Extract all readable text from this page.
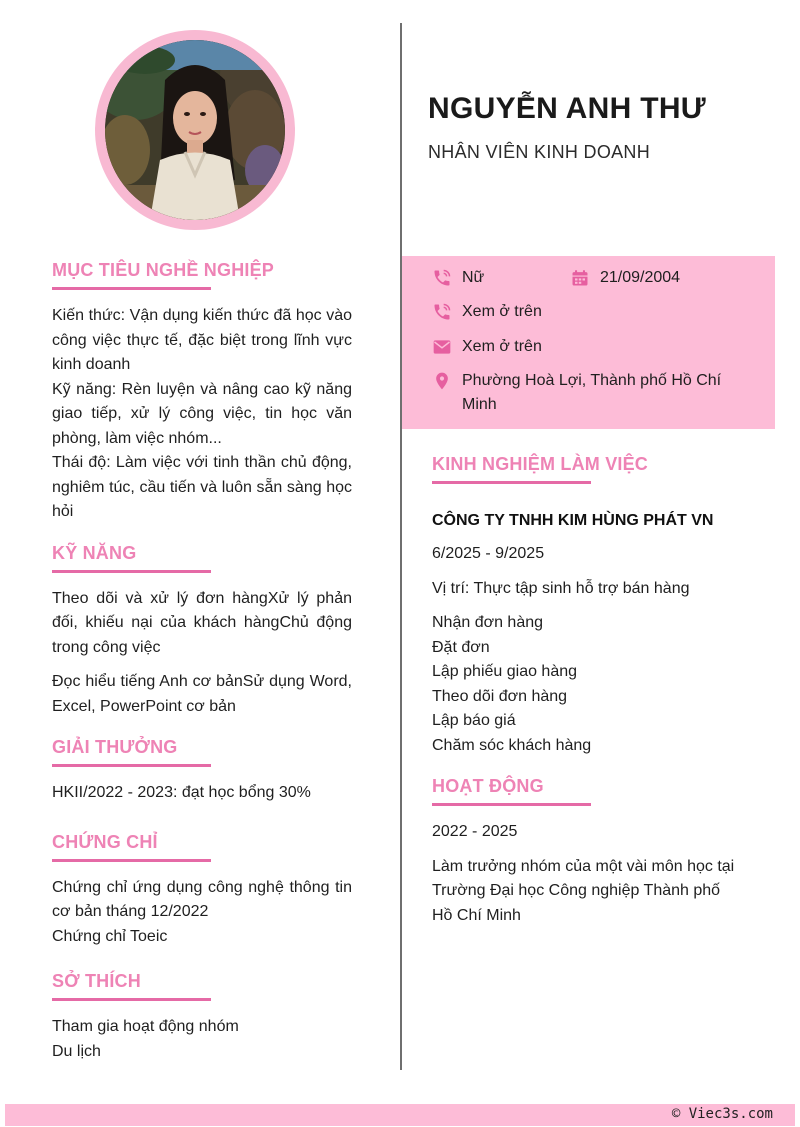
NGUYỄN ANH THƯ
NHÂN VIÊN KINH DOANH
MỤC TIÊU NGHỀ NGHIỆP
Kiến thức: Vận dụng kiến thức đã học vào công việc thực tế, đặc biệt trong lĩnh vực kinh doanh
Kỹ năng: Rèn luyện và nâng cao kỹ năng giao tiếp, xử lý công việc, tin học văn phòng, làm việc nhóm...
Thái độ: Làm việc với tinh thần chủ động, nghiêm túc, cầu tiến và luôn sẵn sàng học hỏi
KỸ NĂNG
Theo dõi và xử lý đơn hàngXử lý phản đối, khiếu nại của khách hàngChủ động trong công việc
Đọc hiểu tiếng Anh cơ bảnSử dụng Word, Excel, PowerPoint cơ bản
GIẢI THƯỞNG
HKII/2022 - 2023: đạt học bổng 30%
CHỨNG CHỈ
Chứng chỉ ứng dụng công nghệ thông tin cơ bản tháng 12/2022
Chứng chỉ Toeic
SỞ THÍCH
Tham gia hoạt động nhóm
Du lịch
Nữ	21/09/2004
Xem ở trên
Xem ở trên
Phường Hoà Lợi, Thành phố Hồ Chí Minh
KINH NGHIỆM LÀM VIỆC
CÔNG TY TNHH KIM HÙNG PHÁT VN
6/2025 - 9/2025
Vị trí: Thực tập sinh hỗ trợ bán hàng
Nhận đơn hàng
Đặt đơn
Lập phiếu giao hàng
Theo dõi đơn hàng
Lập báo giá
Chăm sóc khách hàng
HOẠT ĐỘNG
2022 - 2025
Làm trưởng nhóm của một vài môn học tại Trường Đại học Công nghiệp Thành phố Hồ Chí Minh
© Viec3s.com
